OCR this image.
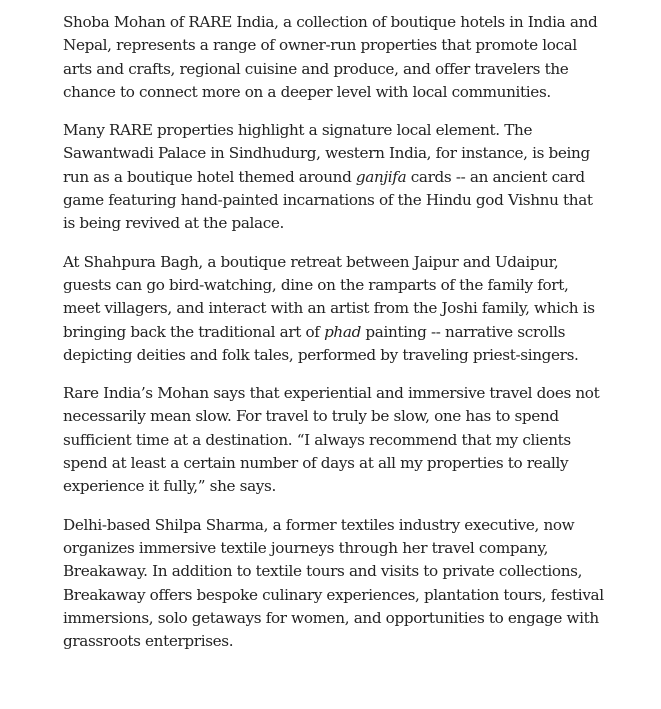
Shoba Mohan of RARE India, a collection of boutique hotels in India and Nepal, represents a range of owner-run properties that promote local arts and crafts, regional cuisine and produce, and offer travelers the chance to connect more on a deeper level with local communities.

Many RARE properties highlight a signature local element. The Sawantwadi Palace in Sindhudurg, western India, for instance, is being run as a boutique hotel themed around ganjifa cards -- an ancient card game featuring hand-painted incarnations of the Hindu god Vishnu that is being revived at the palace.

At Shahpura Bagh, a boutique retreat between Jaipur and Udaipur, guests can go bird-watching, dine on the ramparts of the family fort, meet villagers, and interact with an artist from the Joshi family, which is bringing back the traditional art of phad painting -- narrative scrolls depicting deities and folk tales, performed by traveling priest-singers.

Rare India’s Mohan says that experiential and immersive travel does not necessarily mean slow. For travel to truly be slow, one has to spend sufficient time at a destination. “I always recommend that my clients spend at least a certain number of days at all my properties to really experience it fully,” she says.

Delhi-based Shilpa Sharma, a former textiles industry executive, now organizes immersive textile journeys through her travel company, Breakaway. In addition to textile tours and visits to private collections, Breakaway offers bespoke culinary experiences, plantation tours, festival immersions, solo getaways for women, and opportunities to engage with grassroots enterprises.
